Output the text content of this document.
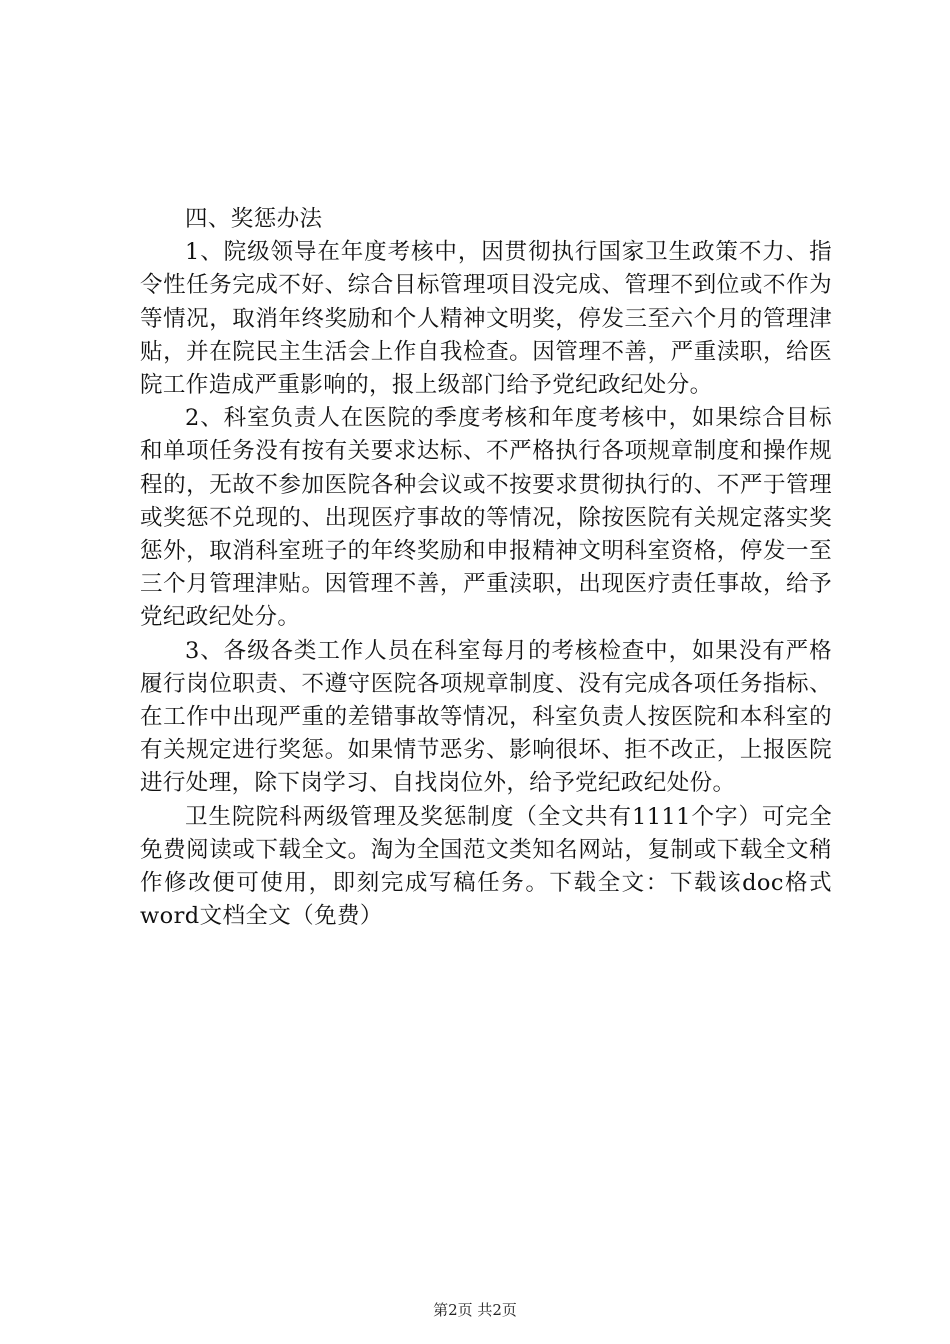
四、奖惩办法

1、院级领导在年度考核中，因贯彻执行国家卫生政策不力、指令性任务完成不好、综合目标管理项目没完成、管理不到位或不作为等情况，取消年终奖励和个人精神文明奖，停发三至六个月的管理津贴，并在院民主生活会上作自我检查。因管理不善，严重渎职，给医院工作造成严重影响的，报上级部门给予党纪政纪处分。

2、科室负责人在医院的季度考核和年度考核中，如果综合目标和单项任务没有按有关要求达标、不严格执行各项规章制度和操作规程的，无故不参加医院各种会议或不按要求贯彻执行的、不严于管理或奖惩不兑现的、出现医疗事故的等情况，除按医院有关规定落实奖惩外，取消科室班子的年终奖励和申报精神文明科室资格，停发一至三个月管理津贴。因管理不善，严重渎职，出现医疗责任事故，给予党纪政纪处分。

3、各级各类工作人员在科室每月的考核检查中，如果没有严格履行岗位职责、不遵守医院各项规章制度、没有完成各项任务指标、在工作中出现严重的差错事故等情况，科室负责人按医院和本科室的有关规定进行奖惩。如果情节恶劣、影响很坏、拒不改正，上报医院进行处理，除下岗学习、自找岗位外，给予党纪政纪处份。

卫生院院科两级管理及奖惩制度（全文共有1111个字）可完全免费阅读或下载全文。淘为全国范文类知名网站，复制或下载全文稍作修改便可使用，即刻完成写稿任务。下载全文：下载该doc格式word文档全文（免费）

第2页 共2页
